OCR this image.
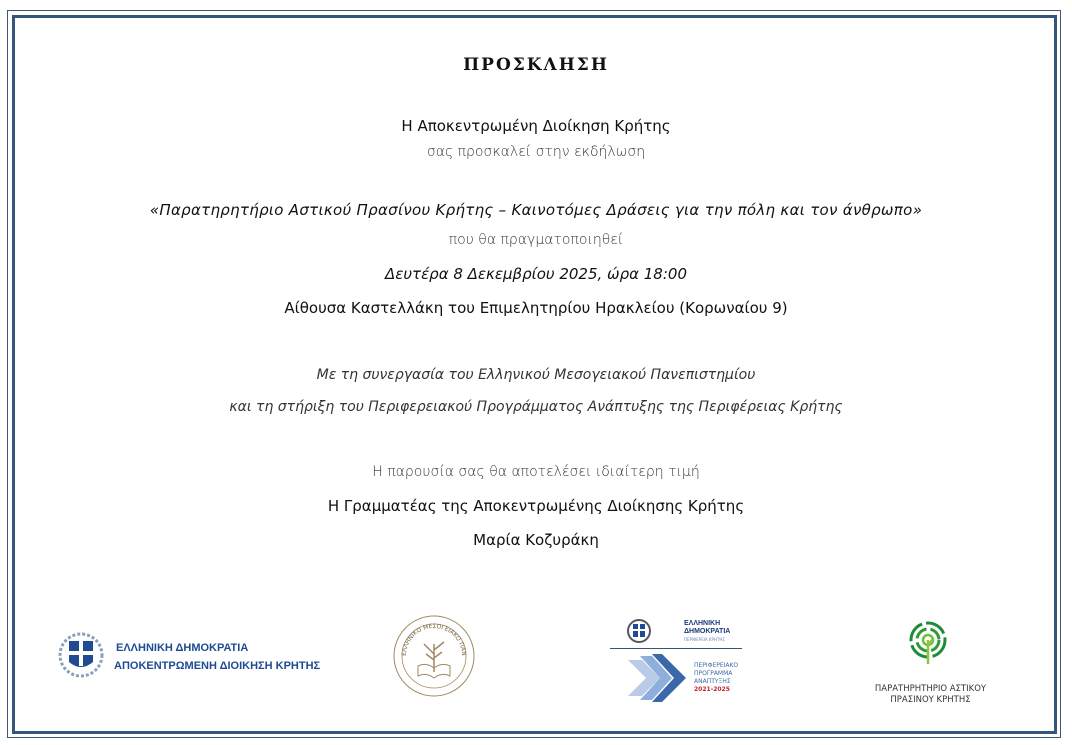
ΠΡΟΣΚΛΗΣΗ
Η Αποκεντρωμένη Διοίκηση Κρήτης
σας προσκαλεί στην εκδήλωση
«Παρατηρητήριο Αστικού Πρασίνου Κρήτης – Καινοτόμες Δράσεις για την πόλη και τον άνθρωπο»
που θα πραγματοποιηθεί
Δευτέρα 8 Δεκεμβρίου 2025, ώρα 18:00
Αίθουσα Καστελλάκη του Επιμελητηρίου Ηρακλείου (Κορωναίου 9)
Με τη συνεργασία του Ελληνικού Μεσογειακού Πανεπιστημίου
και τη στήριξη του Περιφερειακού Προγράμματος Ανάπτυξης της Περιφέρειας Κρήτης
Η παρουσία σας θα αποτελέσει ιδιαίτερη τιμή
Η Γραμματέας της Αποκεντρωμένης Διοίκησης Κρήτης
Μαρία Κοζυράκη
ΕΛΛΗΝΙΚΗ ΔΗΜΟΚΡΑΤΙΑ
ΑΠΟΚΕΝΤΡΩΜΕΝΗ ΔΙΟΙΚΗΣΗ ΚΡΗΤΗΣ
ΕΛΛΗΝΙΚΟ ΜΕΣΟΓΕΙΑΚΟ ΠΑΝ
ΕΛΛΗΝΙΚΗ
ΔΗΜΟΚΡΑΤΙΑ
ΠΕΡΙΦΕΡΕΙΑ ΚΡΗΤΗΣ
ΠΕΡΙΦΕΡΕΙΑΚΟ
ΠΡΟΓΡΑΜΜΑ
ΑΝΑΠΤΥΞΗΣ
2021-2025	ΠΑΡΑΤΗΡΗΤΗΡΙΟ ΑΣΤΙΚΟΥ
ΠΡΑΣΙΝΟΥ ΚΡΗΤΗΣ
